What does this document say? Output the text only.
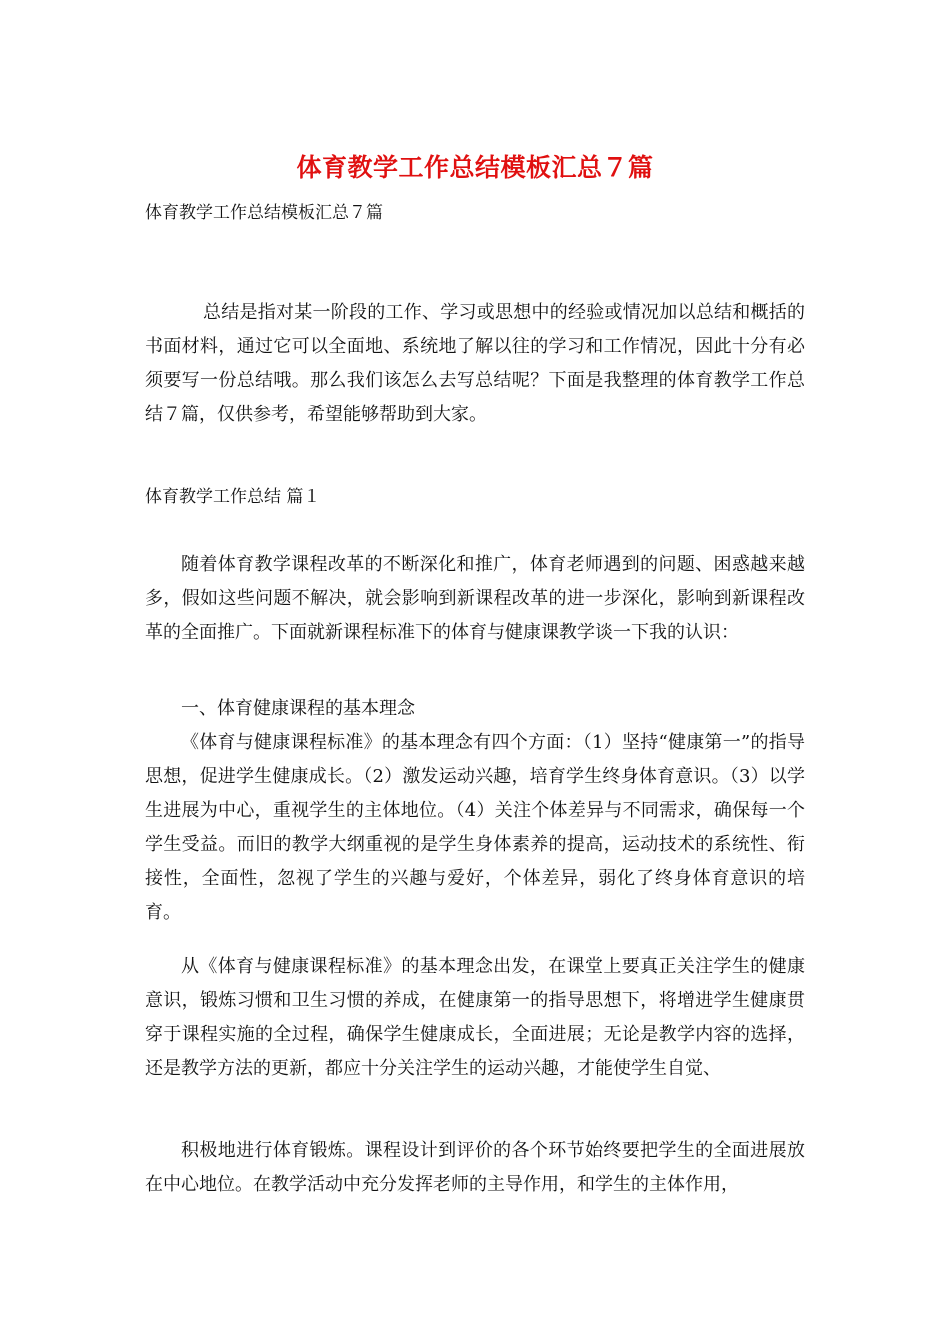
体育教学工作总结模板汇总７篇
体育教学工作总结模板汇总７篇

总结是指对某一阶段的工作、学习或思想中的经验或情况加以总结和概括的书面材料，通过它可以全面地、系统地了解以往的学习和工作情况，因此十分有必须要写一份总结哦。那么我们该怎么去写总结呢？下面是我整理的体育教学工作总结７篇，仅供参考，希望能够帮助到大家。

体育教学工作总结 篇１

随着体育教学课程改革的不断深化和推广，体育老师遇到的问题、困惑越来越多，假如这些问题不解决，就会影响到新课程改革的进一步深化，影响到新课程改革的全面推广。下面就新课程标准下的体育与健康课教学谈一下我的认识：

一、体育健康课程的基本理念

《体育与健康课程标准》的基本理念有四个方面：（1）坚持“健康第一”的指导思想，促进学生健康成长。（2）激发运动兴趣，培育学生终身体育意识。（3）以学生进展为中心，重视学生的主体地位。（4）关注个体差异与不同需求，确保每一个学生受益。而旧的教学大纲重视的是学生身体素养的提高，运动技术的系统性、衔接性，全面性，忽视了学生的兴趣与爱好，个体差异，弱化了终身体育意识的培育。

从《体育与健康课程标准》的基本理念出发，在课堂上要真正关注学生的健康意识，锻炼习惯和卫生习惯的养成，在健康第一的指导思想下，将增进学生健康贯穿于课程实施的全过程，确保学生健康成长，全面进展；无论是教学内容的选择，还是教学方法的更新，都应十分关注学生的运动兴趣，才能使学生自觉、

积极地进行体育锻炼。课程设计到评价的各个环节始终要把学生的全面进展放在中心地位。在教学活动中充分发挥老师的主导作用，和学生的主体作用，
